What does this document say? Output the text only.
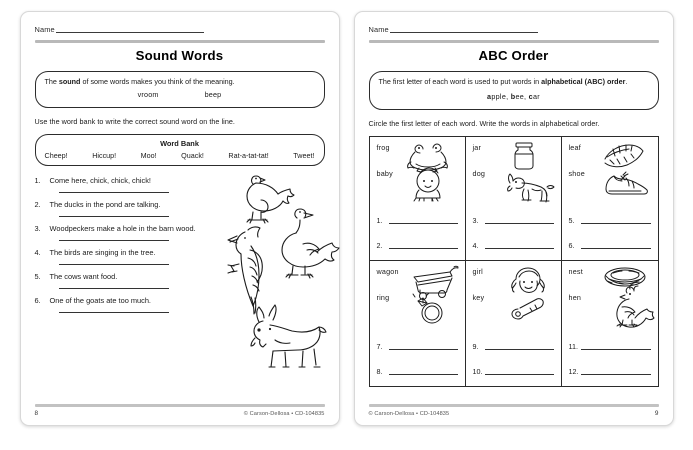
Name
Sound Words
The sound of some words makes you think of the meaning.
vroom	beep
Use the word bank to write the correct sound word on the line.
Word Bank
Cheep!	Hiccup!	Moo!	Quack!	Rat-a-tat-tat!	Tweet!
1.	Come here, chick, chick, chick!
2.	The ducks in the pond are talking.
3.	Woodpeckers make a hole in the barn wood.
4.	The birds are singing in the tree.
5.	The cows want food.
6.	One of the goats ate too much.
8	© Carson-Dellosa • CD-104835
Name
ABC Order
The first letter of each word is used to put words in alphabetical (ABC) order.
apple, bee, car
Circle the first letter of each word. Write the words in alphabetical order.
frog
baby
1.
2.
jar
dog
3.
4.
leaf
shoe
5.
6.
wagon
ring
7.
8.
girl
key
9.
10.
nest
hen
11.
12.
© Carson-Dellosa • CD-104835	9
